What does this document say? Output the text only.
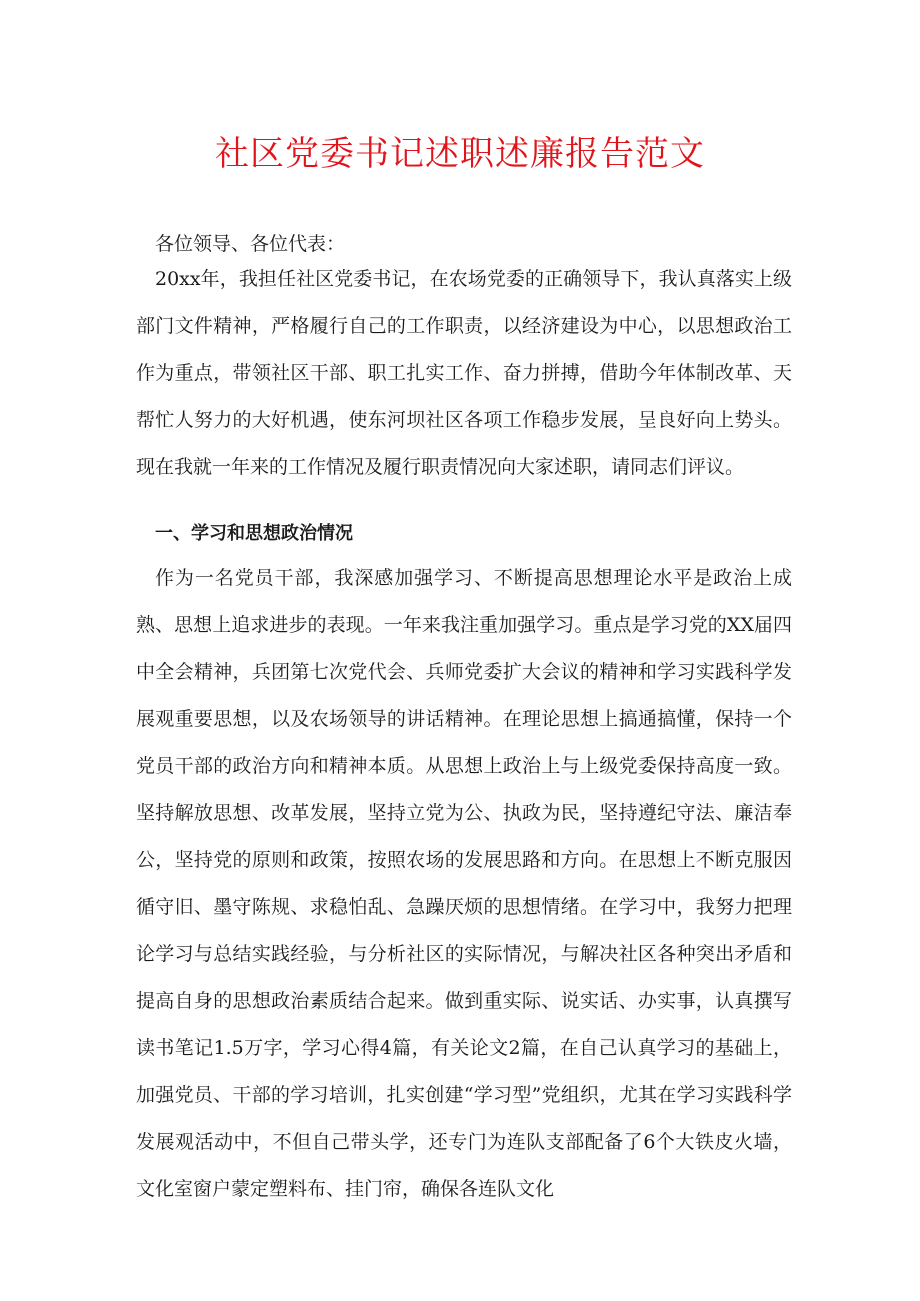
社区党委书记述职述廉报告范文
各位领导、各位代表：

20xx年，我担任社区党委书记，在农场党委的正确领导下，我认真落实上级部门文件精神，严格履行自己的工作职责，以经济建设为中心，以思想政治工作为重点，带领社区干部、职工扎实工作、奋力拼搏，借助今年体制改革、天帮忙人努力的大好机遇，使东河坝社区各项工作稳步发展，呈良好向上势头。现在我就一年来的工作情况及履行职责情况向大家述职，请同志们评议。

一、学习和思想政治情况

作为一名党员干部，我深感加强学习、不断提高思想理论水平是政治上成熟、思想上追求进步的表现。一年来我注重加强学习。重点是学习党的XX届四中全会精神，兵团第七次党代会、兵师党委扩大会议的精神和学习实践科学发展观重要思想，以及农场领导的讲话精神。在理论思想上搞通搞懂，保持一个党员干部的政治方向和精神本质。从思想上政治上与上级党委保持高度一致。坚持解放思想、改革发展，坚持立党为公、执政为民，坚持遵纪守法、廉洁奉公，坚持党的原则和政策，按照农场的发展思路和方向。在思想上不断克服因循守旧、墨守陈规、求稳怕乱、急躁厌烦的思想情绪。在学习中，我努力把理论学习与总结实践经验，与分析社区的实际情况，与解决社区各种突出矛盾和提高自身的思想政治素质结合起来。做到重实际、说实话、办实事，认真撰写读书笔记1.5万字，学习心得4篇，有关论文2篇，在自己认真学习的基础上，加强党员、干部的学习培训，扎实创建“学习型”党组织，尤其在学习实践科学发展观活动中，不但自己带头学，还专门为连队支部配备了6个大铁皮火墙，文化室窗户蒙定塑料布、挂门帘，确保各连队文化
